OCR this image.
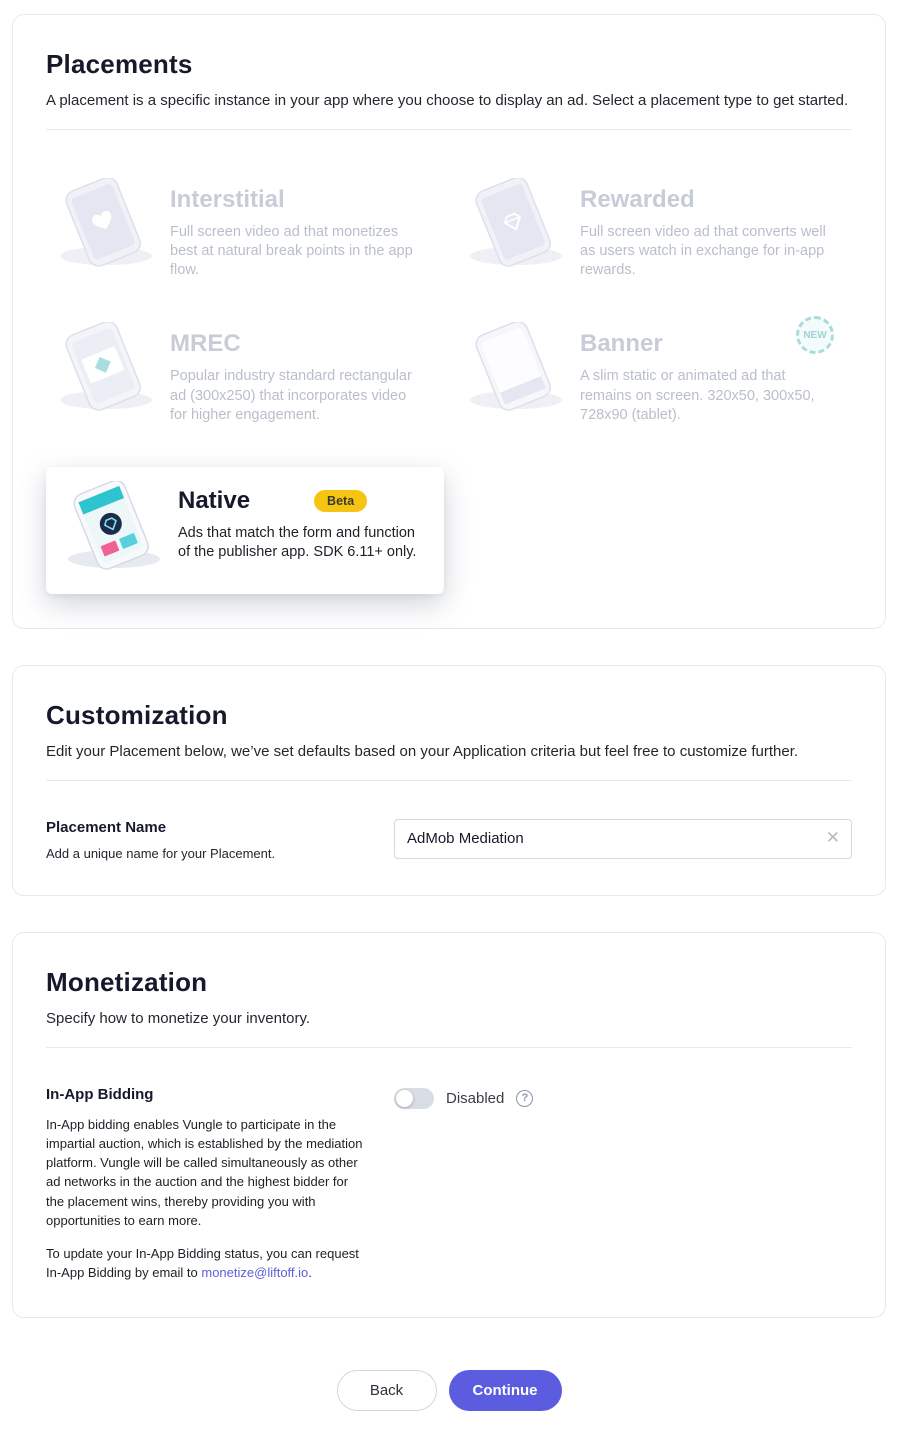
Placements

A placement is a specific instance in your app where you choose to display an ad. Select a placement type to get started.

Interstitial

Full screen video ad that monetizes best at natural break points in the app flow.

Rewarded

Full screen video ad that converts well as users watch in exchange for in-app rewards.

MREC

Popular industry standard rectangular ad (300x250) that incorporates video for higher engagement.

Banner

A slim static or animated ad that remains on screen. 320x50, 300x50, 728x90 (tablet).

NEW
Native	Beta

Ads that match the form and function of the publisher app. SDK 6.11+ only.

Customization

Edit your Placement below, we’ve set defaults based on your Application criteria but feel free to customize further.

Placement Name

Add a unique name for your Placement.

AdMob Mediation
✕
Monetization

Specify how to monetize your inventory.

In-App Bidding

In-App bidding enables Vungle to participate in the impartial auction, which is established by the mediation platform. Vungle will be called simultaneously as other ad networks in the auction and the highest bidder for the placement wins, thereby providing you with opportunities to earn more.

To update your In-App Bidding status, you can request In-App Bidding by email to monetize@liftoff.io.

Disabled	?
Back	Continue
